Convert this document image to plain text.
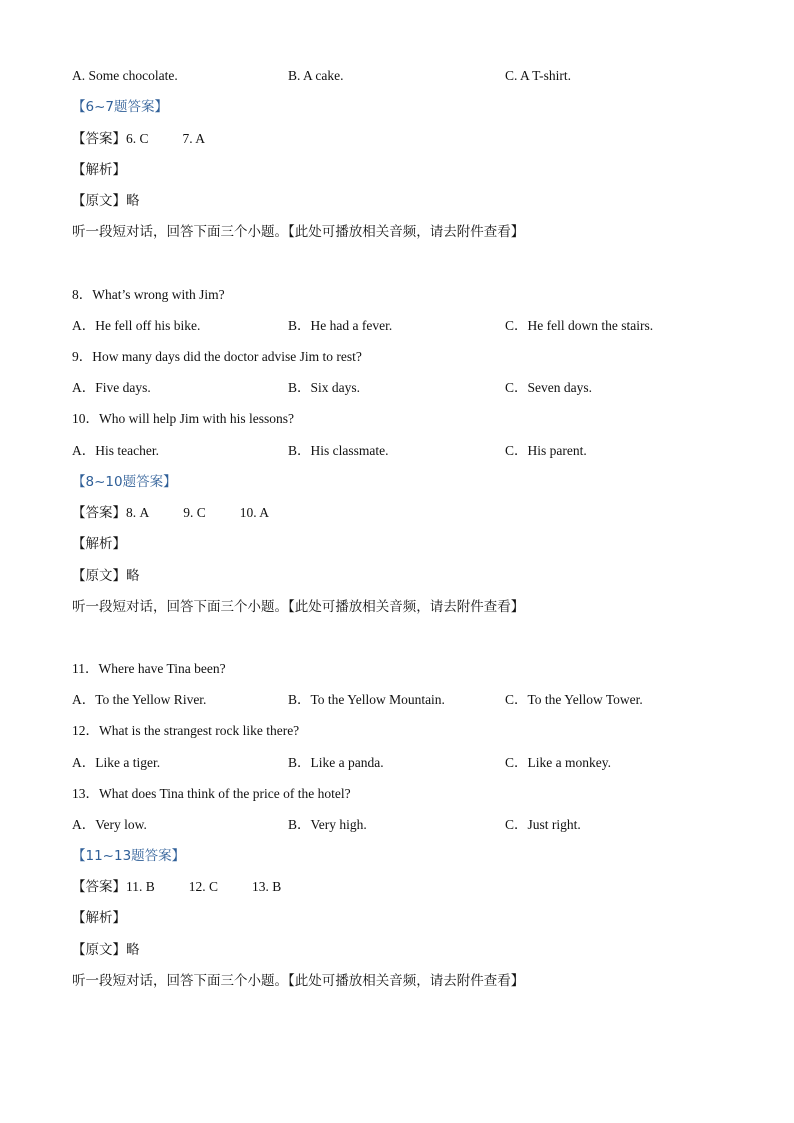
A. Some chocolate.	B. A cake.	C. A T-shirt.
【6~7题答案】
【答案】6. C	7. A
【解析】
【原文】略
听一段短对话，回答下面三个小题。【此处可播放相关音频，请去附件查看】
8．What’s wrong with Jim?
A．He fell off his bike.	B．He had a fever.	C．He fell down the stairs.
9．How many days did the doctor advise Jim to rest?
A．Five days.	B．Six days.	C．Seven days.
10．Who will help Jim with his lessons?
A．His teacher.	B．His classmate.	C．His parent.
【8~10题答案】
【答案】8. A	9. C	10. A
【解析】
【原文】略
听一段短对话，回答下面三个小题。【此处可播放相关音频，请去附件查看】
11．Where have Tina been?
A．To the Yellow River.	B．To the Yellow Mountain.	C．To the Yellow Tower.
12．What is the strangest rock like there?
A．Like a tiger.	B．Like a panda.	C．Like a monkey.
13．What does Tina think of the price of the hotel?
A．Very low.	B．Very high.	C．Just right.
【11~13题答案】
【答案】11. B	12. C	13. B
【解析】
【原文】略
听一段短对话，回答下面三个小题。【此处可播放相关音频，请去附件查看】
